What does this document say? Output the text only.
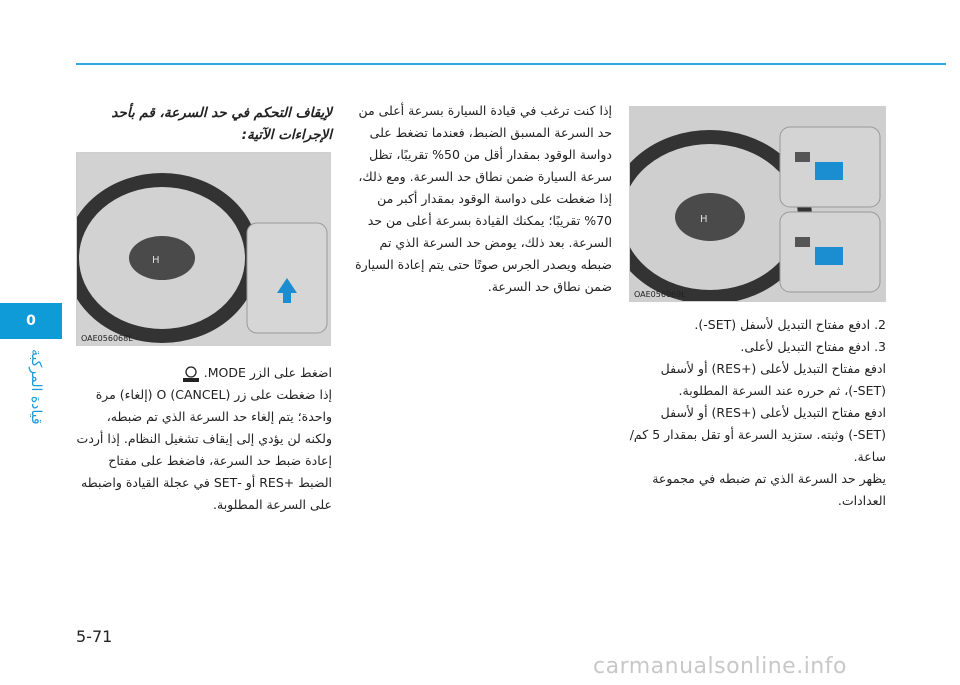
0
قيادة المركبة
H
OAE056069L
H
OAE056068L
2. ادفع مفتاح التبديل لأسفل (SET-).
3. ادفع مفتاح التبديل لأعلى.
ادفع مفتاح التبديل لأعلى (+RES) أو لأسفل (SET-)، ثم حرره عند السرعة المطلوبة.
ادفع مفتاح التبديل لأعلى (+RES) أو لأسفل (SET-) وثبته. ستزيد السرعة أو تقل بمقدار 5 كم/ساعة.
يظهر حد السرعة الذي تم ضبطه في مجموعة العدادات.
إذا كنت ترغب في قيادة السيارة بسرعة أعلى من حد السرعة المسبق الضبط، فعندما تضغط على دواسة الوقود بمقدار أقل من 50% تقريبًا، تظل سرعة السيارة ضمن نطاق حد السرعة. ومع ذلك، إذا ضغطت على دواسة الوقود بمقدار أكبر من 70% تقريبًا؛ يمكنك القيادة بسرعة أعلى من حد السرعة. بعد ذلك، يومض حد السرعة الذي تم ضبطه ويصدر الجرس صوتًا حتى يتم إعادة السيارة ضمن نطاق حد السرعة.
لإيقاف التحكم في حد السرعة، قم بأحد الإجراءات الآتية:
اضغط على الزر MODE.
إذا ضغطت على زر O (CANCEL) (إلغاء) مرة واحدة؛ يتم إلغاء حد السرعة الذي تم ضبطه، ولكنه لن يؤدي إلى إيقاف تشغيل النظام. إذا أردت إعادة ضبط حد السرعة، فاضغط على مفتاح الضبط +RES أو -SET في عجلة القيادة واضبطه على السرعة المطلوبة.
5-71
carmanualsonline.info
